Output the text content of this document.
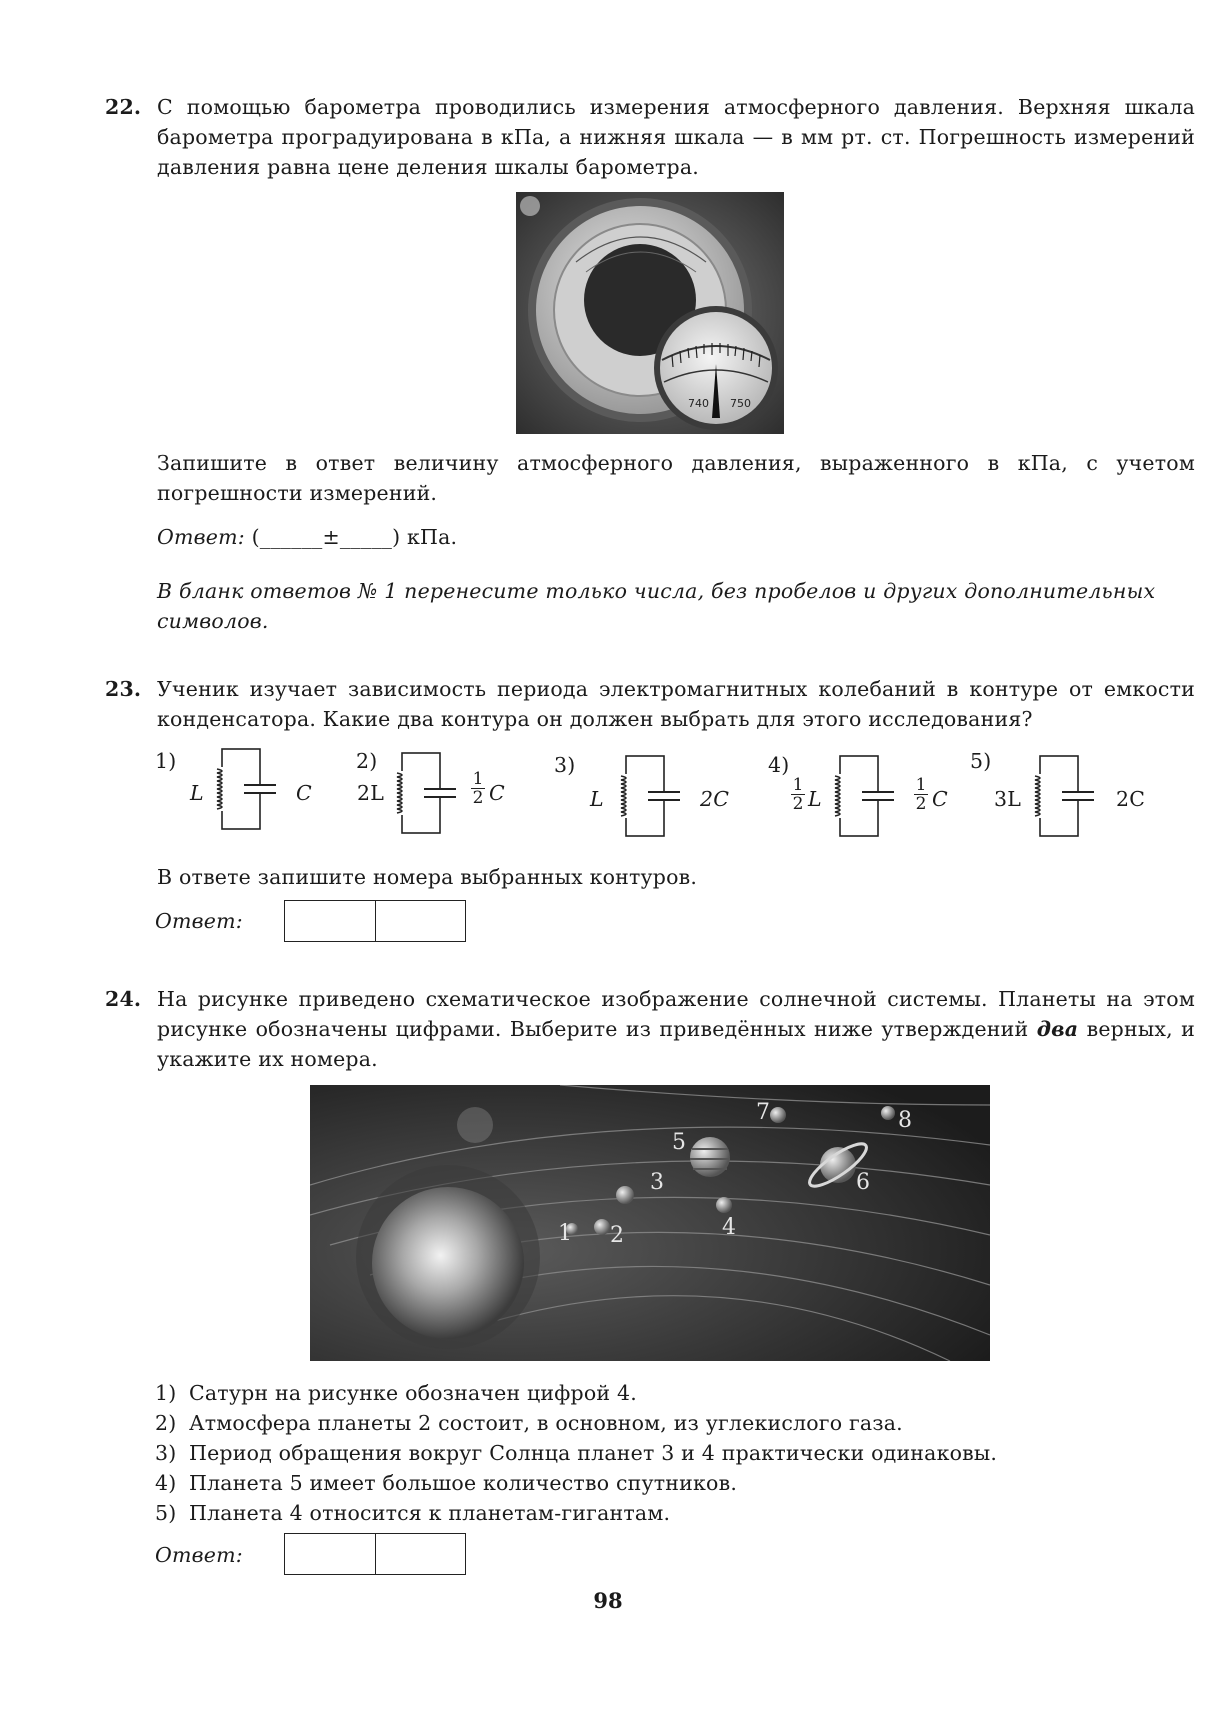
22. С помощью барометра проводились измерения атмосферного давления. Верхняя шкала барометра проградуирована в кПа, а нижняя шкала — в мм рт. ст. Погрешность измерений давления равна цене деления шкалы барометра.
740 750
Запишите в ответ величину атмосферного давления, выраженного в кПа, с учетом погрешности измерений.
Ответ: (______±_____) кПа.
В бланк ответов № 1 перенесите только числа, без пробелов и других дополнительных символов.
23. Ученик изучает зависимость периода электромагнитных колебаний в контуре от емкости конденсатора. Какие два контура он должен выбрать для этого исследования?
1)
L	C
2)
2L
1
2 C
3)
L	2C
4)
1
2 L
1
2 C
5)
3L	2C
В ответе запишите номера выбранных контуров.
Ответ:
24. На рисунке приведено схематическое изображение солнечной системы. Планеты на этом рисунке обозначены цифрами. Выберите из приведённых ниже утверждений два верных, и укажите их номера.
1 2
3
4
5
6
7	8
1) Сатурн на рисунке обозначен цифрой 4.
2) Атмосфера планеты 2 состоит, в основном, из углекислого газа.
3) Период обращения вокруг Солнца планет 3 и 4 практически одинаковы.
4) Планета 5 имеет большое количество спутников.
5) Планета 4 относится к планетам-гигантам.
Ответ:
98
